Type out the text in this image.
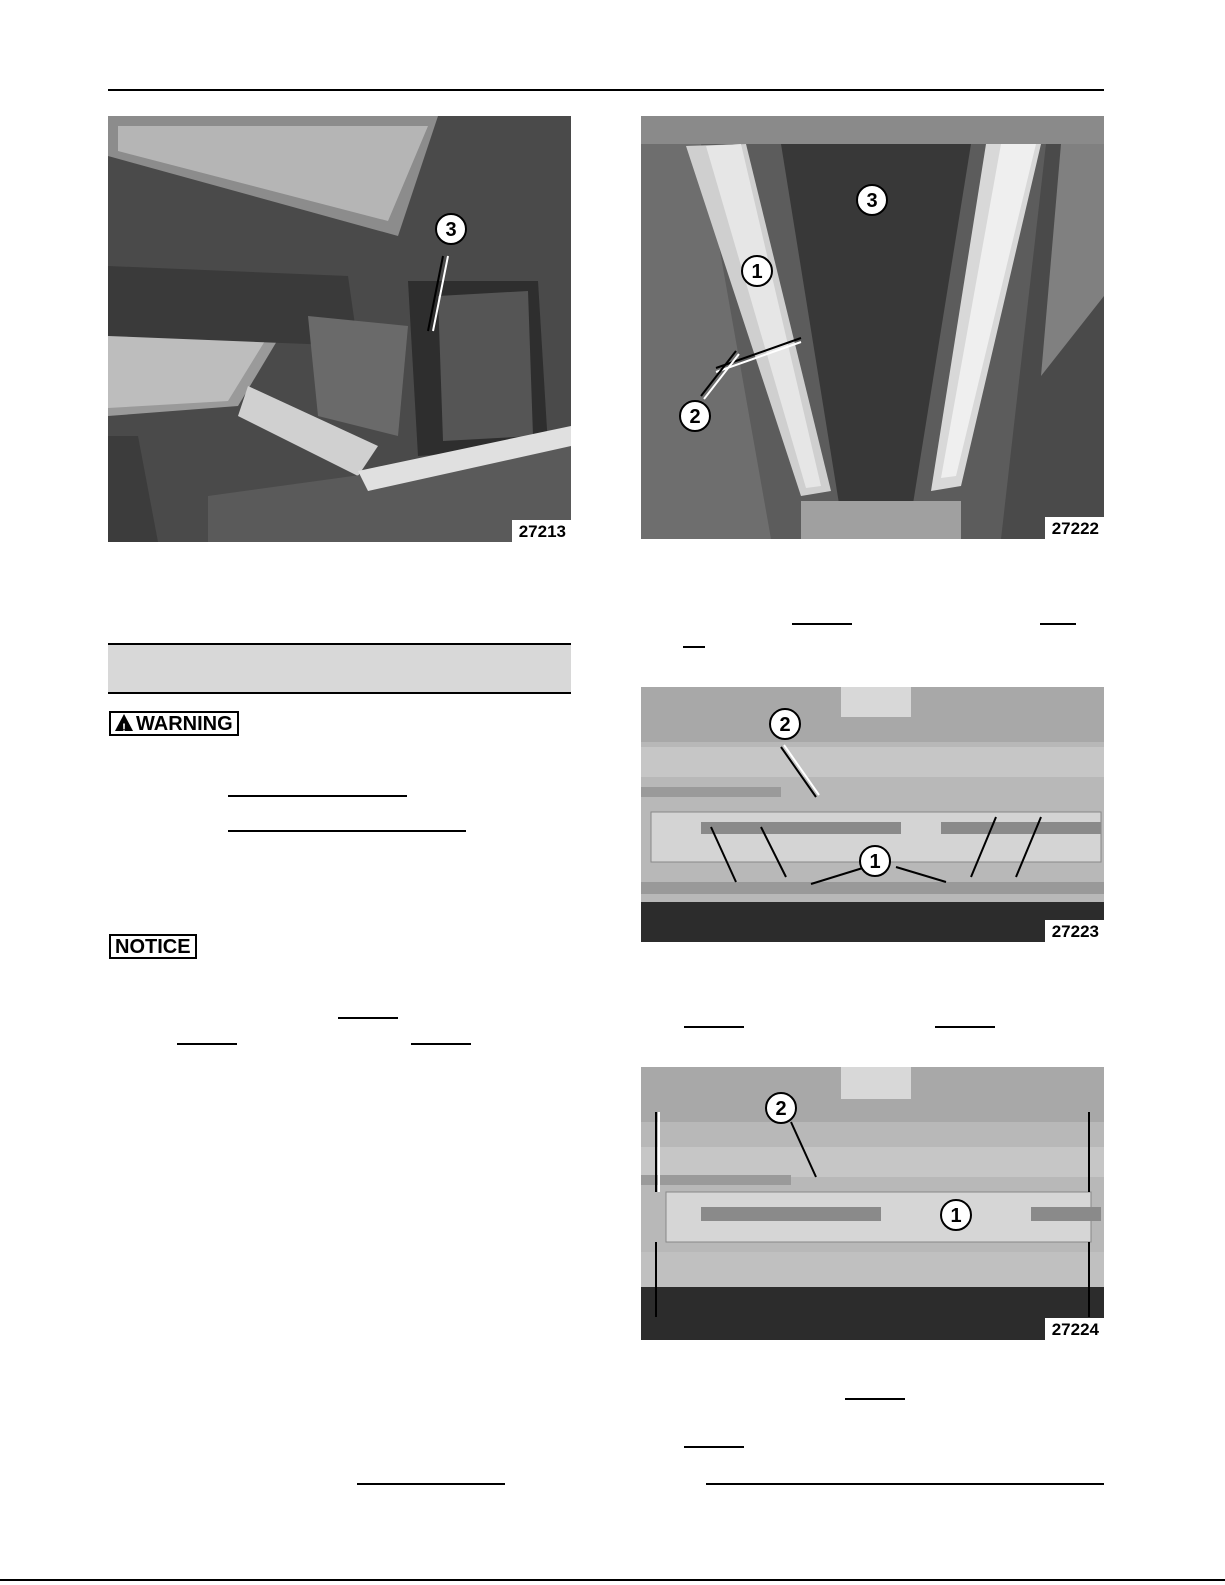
3
27213
3
1
2
27222
2
1
27223
2
1
27224
! WARNING
NOTICE
